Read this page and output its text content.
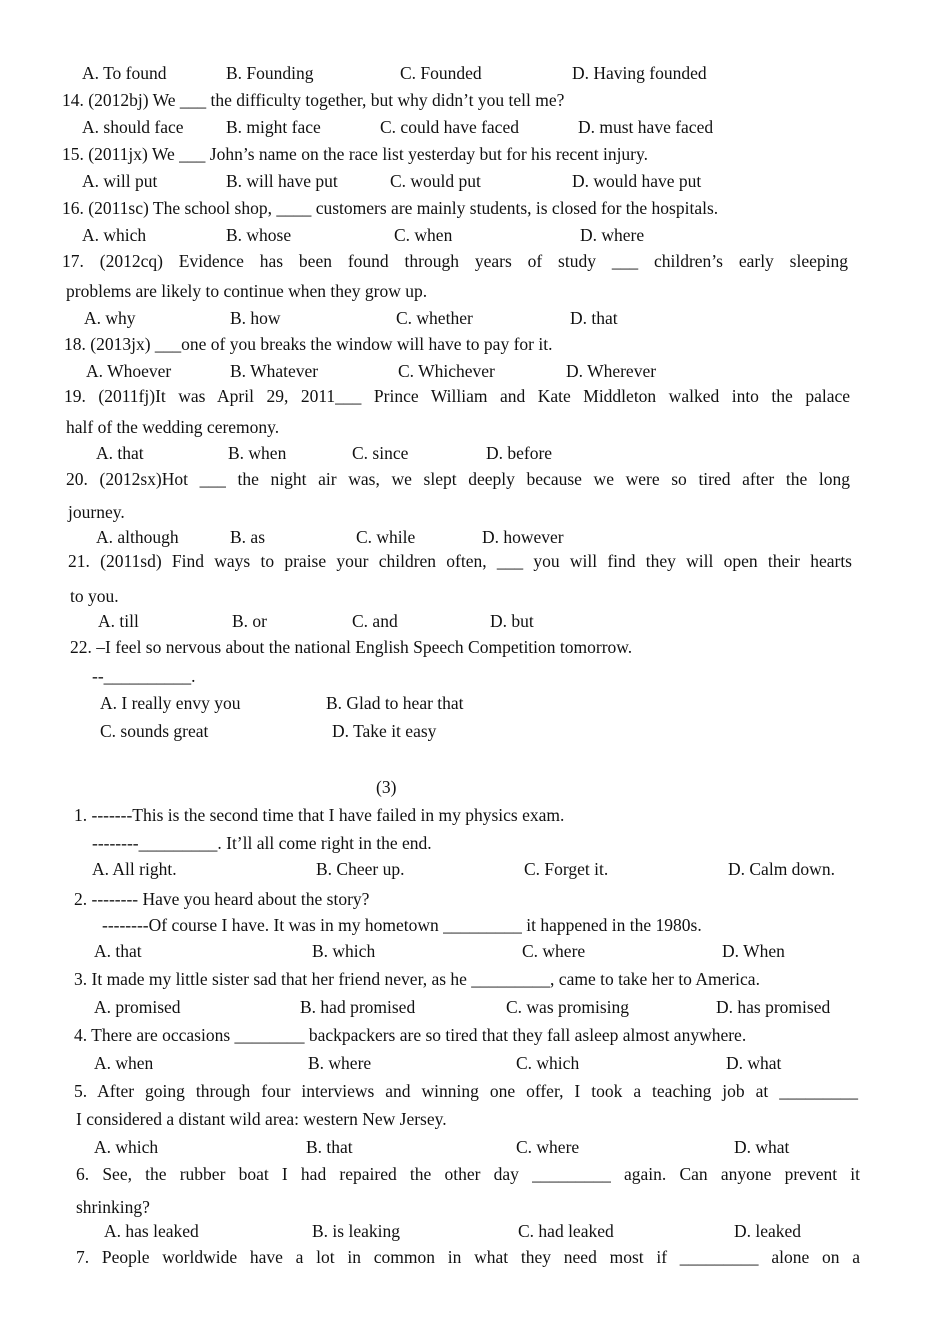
A. To found	B. Founding	C. Founded	D. Having founded
14. (2012bj) We ___ the difficulty together, but why didn’t you tell me?
A. should face B. might face	C. could have faced	D. must have faced
15. (2011jx) We ___ John’s name on the race list yesterday but for his recent injury.
A. will put	B. will have put	C. would put	D. would have put
16. (2011sc) The school shop, ____ customers are mainly students, is closed for the hospitals.
A. which	B. whose	C. when	D. where
17. (2012cq) Evidence has been found through years of study ___ children’s early sleeping
problems are likely to continue when they grow up.
A. why	B. how	C. whether	D. that
18. (2013jx) ___one of you breaks the window will have to pay for it.
A. Whoever	B. Whatever	C. Whichever	D. Wherever
19. (2011fj)It was April 29, 2011___ Prince William and Kate Middleton walked into the palace
half of the wedding ceremony.
A. that	B. when	C. since	D. before
20. (2012sx)Hot ___ the night air was, we slept deeply because we were so tired after the long
journey.
A. although	B. as	C. while	D. however
21. (2011sd) Find ways to praise your children often, ___ you will find they will open their hearts
to you.
A. till	B. or	C. and	D. but
22. –I feel so nervous about the national English Speech Competition tomorrow.
--__________.
A. I really envy you	B. Glad to hear that
C. sounds great	D. Take it easy
(3)
1. -------This is the second time that I have failed in my physics exam.
--------_________. It’ll all come right in the end.
A. All right.	B. Cheer up.	C. Forget it.	D. Calm down.
2. -------- Have you heard about the story?
--------Of course I have. It was in my hometown _________ it happened in the 1980s.
A. that	B. which	C. where	D. When
3. It made my little sister sad that her friend never, as he _________, came to take her to America.
A. promised	B. had promised	C. was promising	D. has promised
4. There are occasions ________ backpackers are so tired that they fall asleep almost anywhere.
A. when	B. where	C. which	D. what
5. After going through four interviews and winning one offer, I took a teaching job at _________
I considered a distant wild area: western New Jersey.
A. which	B. that	C. where	D. what
6. See, the rubber boat I had repaired the other day _________ again. Can anyone prevent it
shrinking?
A. has leaked	B. is leaking	C. had leaked	D. leaked
7. People worldwide have a lot in common in what they need most if _________ alone on a
